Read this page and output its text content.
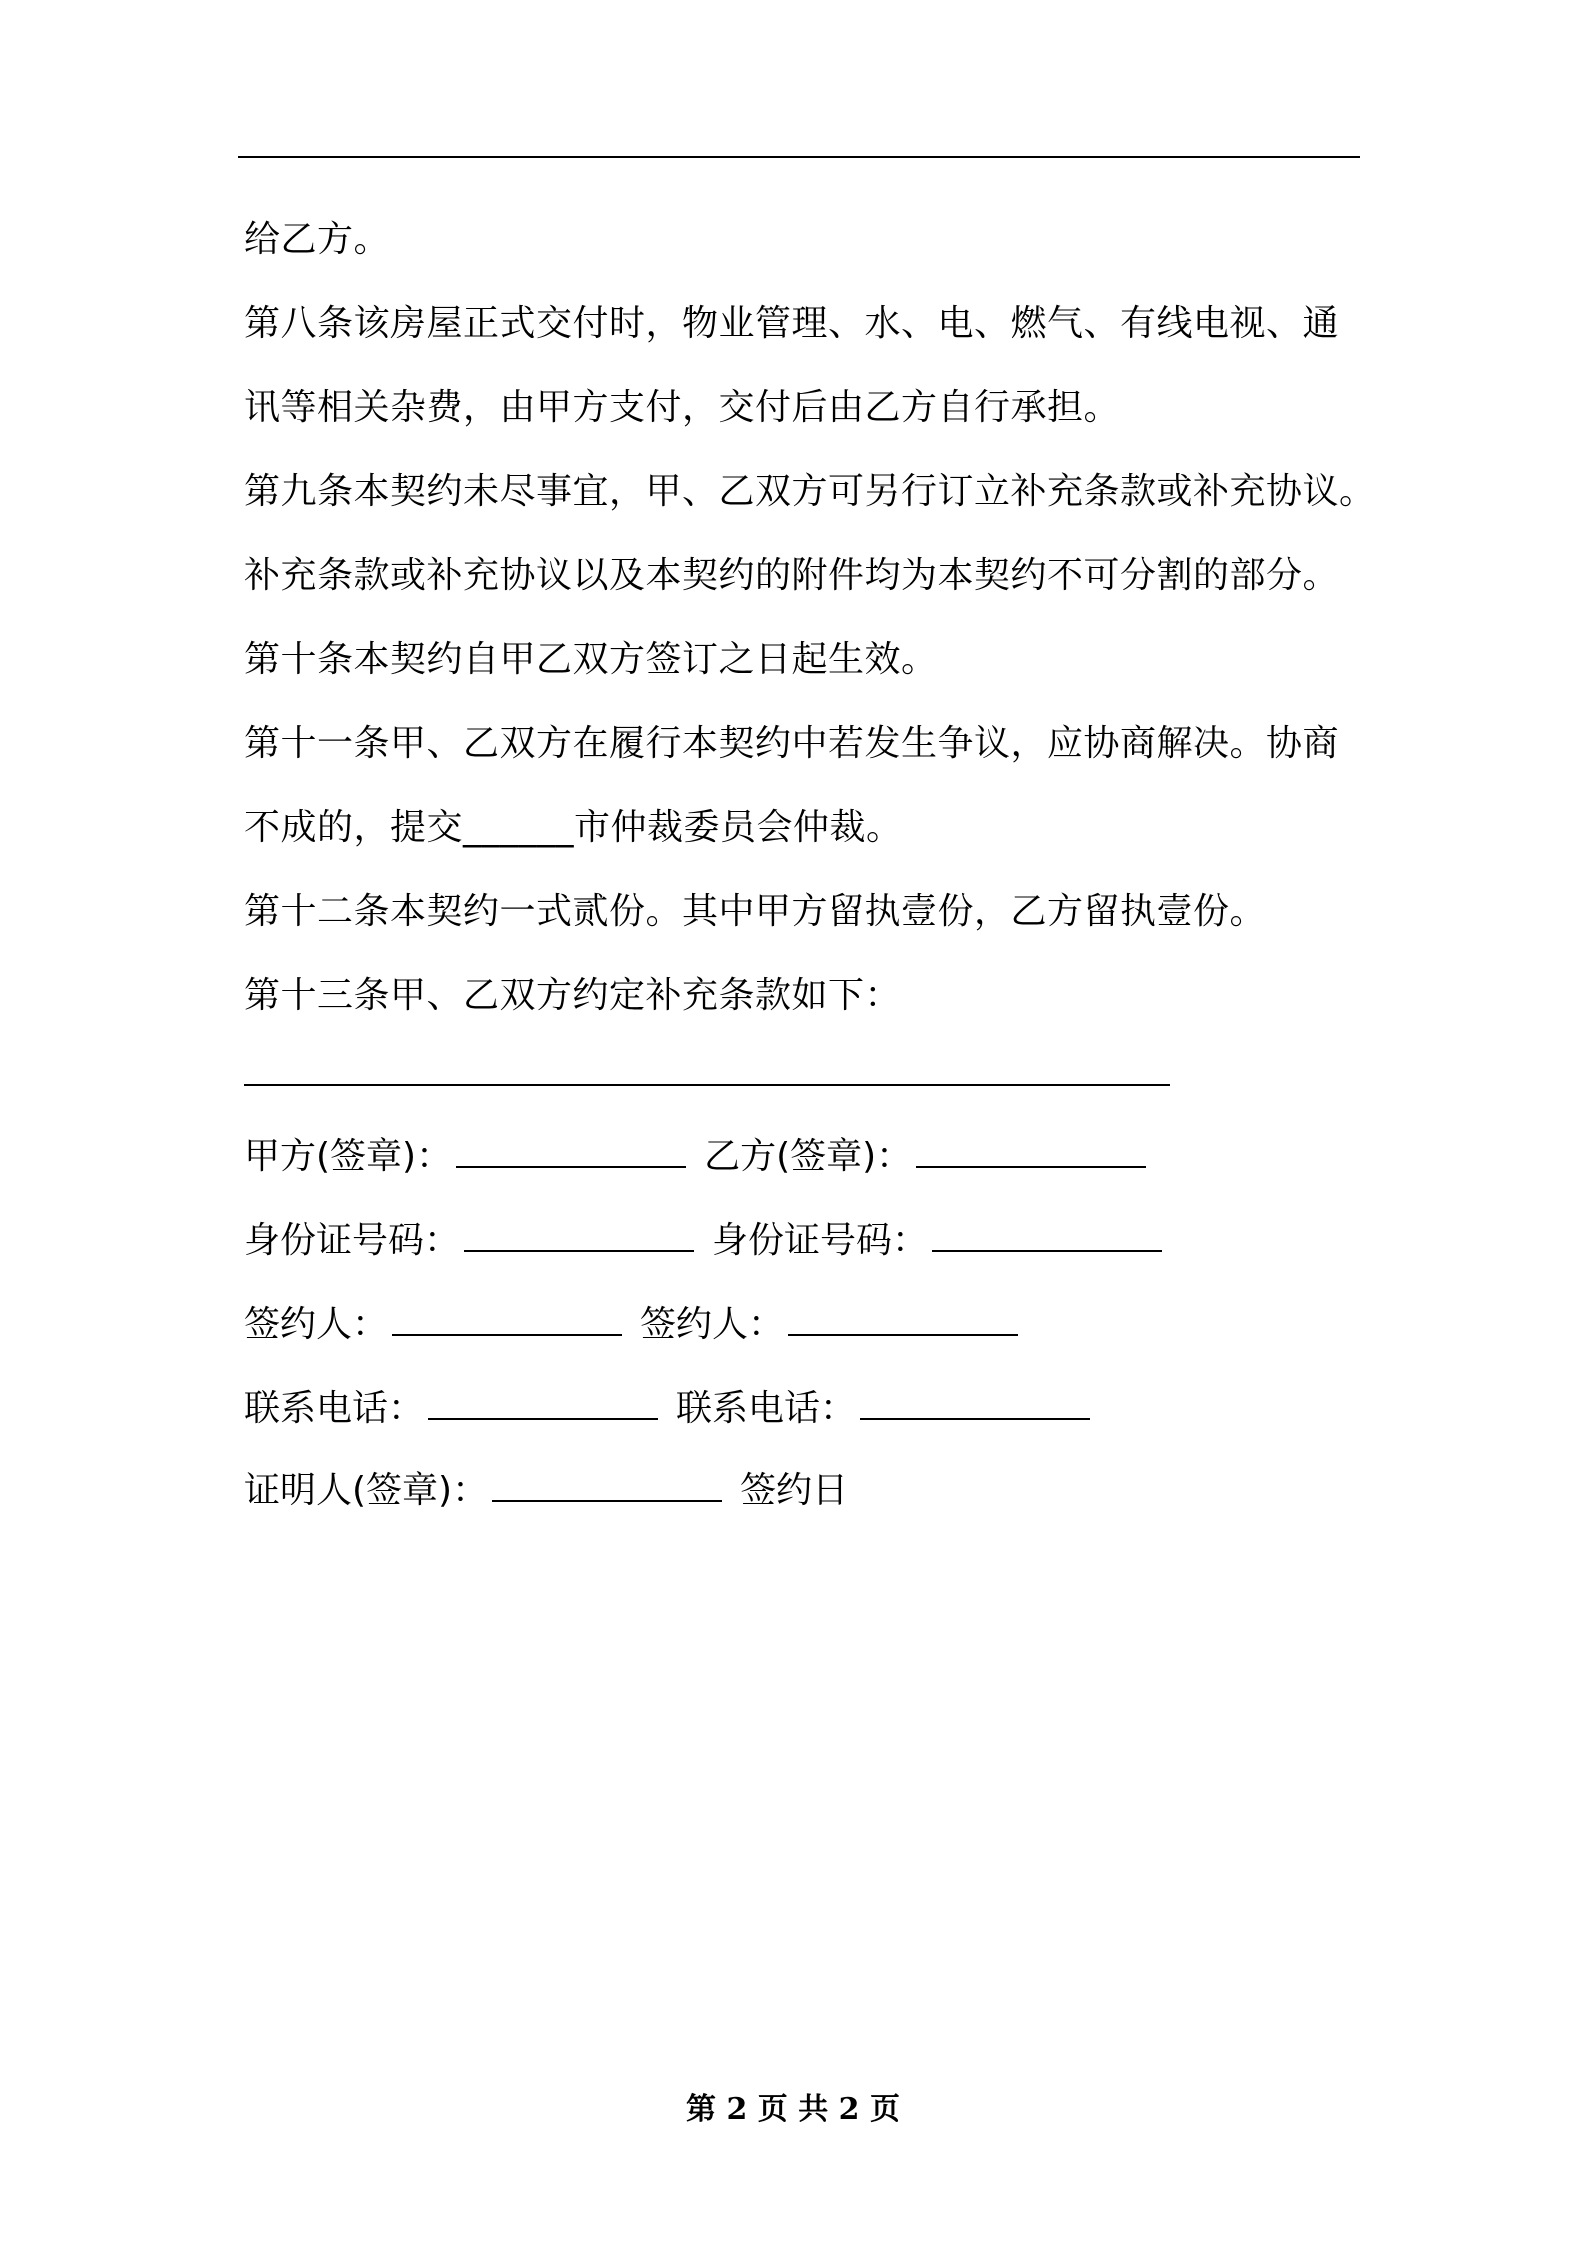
给乙方。
第八条该房屋正式交付时，物业管理、水、电、燃气、有线电视、通
讯等相关杂费，由甲方支付，交付后由乙方自行承担。
第九条本契约未尽事宜，甲、乙双方可另行订立补充条款或补充协议。
补充条款或补充协议以及本契约的附件均为本契约不可分割的部分。
第十条本契约自甲乙双方签订之日起生效。
第十一条甲、乙双方在履行本契约中若发生争议，应协商解决。协商
不成的，提交______市仲裁委员会仲裁。
第十二条本契约一式贰份。其中甲方留执壹份，乙方留执壹份。
第十三条甲、乙双方约定补充条款如下：
甲方(签章)：	乙方(签章)：
身份证号码：	身份证号码：
签约人：	签约人：
联系电话：	联系电话：
证明人(签章)：	签约日
第 2 页 共 2 页
